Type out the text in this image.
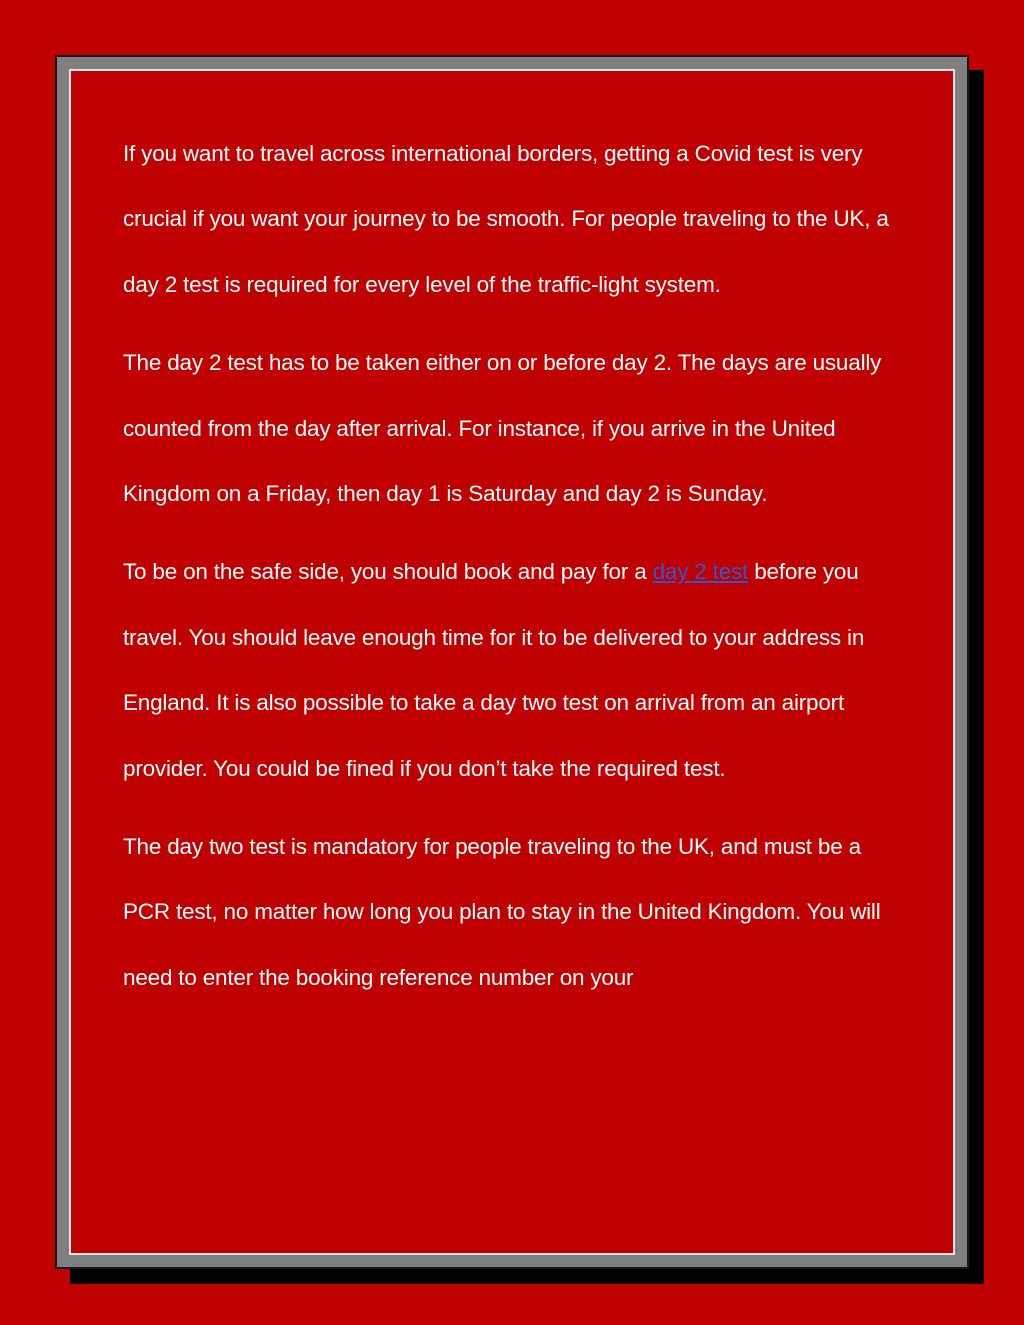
If you want to travel across international borders, getting a Covid test is very crucial if you want your journey to be smooth. For people traveling to the UK, a day 2 test is required for every level of the traffic-light system.

The day 2 test has to be taken either on or before day 2. The days are usually counted from the day after arrival. For instance, if you arrive in the United Kingdom on a Friday, then day 1 is Saturday and day 2 is Sunday.

To be on the safe side, you should book and pay for a day 2 test before you travel. You should leave enough time for it to be delivered to your address in England. It is also possible to take a day two test on arrival from an airport provider. You could be fined if you don’t take the required test.

The day two test is mandatory for people traveling to the UK, and must be a PCR test, no matter how long you plan to stay in the United Kingdom. You will need to enter the booking reference number on your
